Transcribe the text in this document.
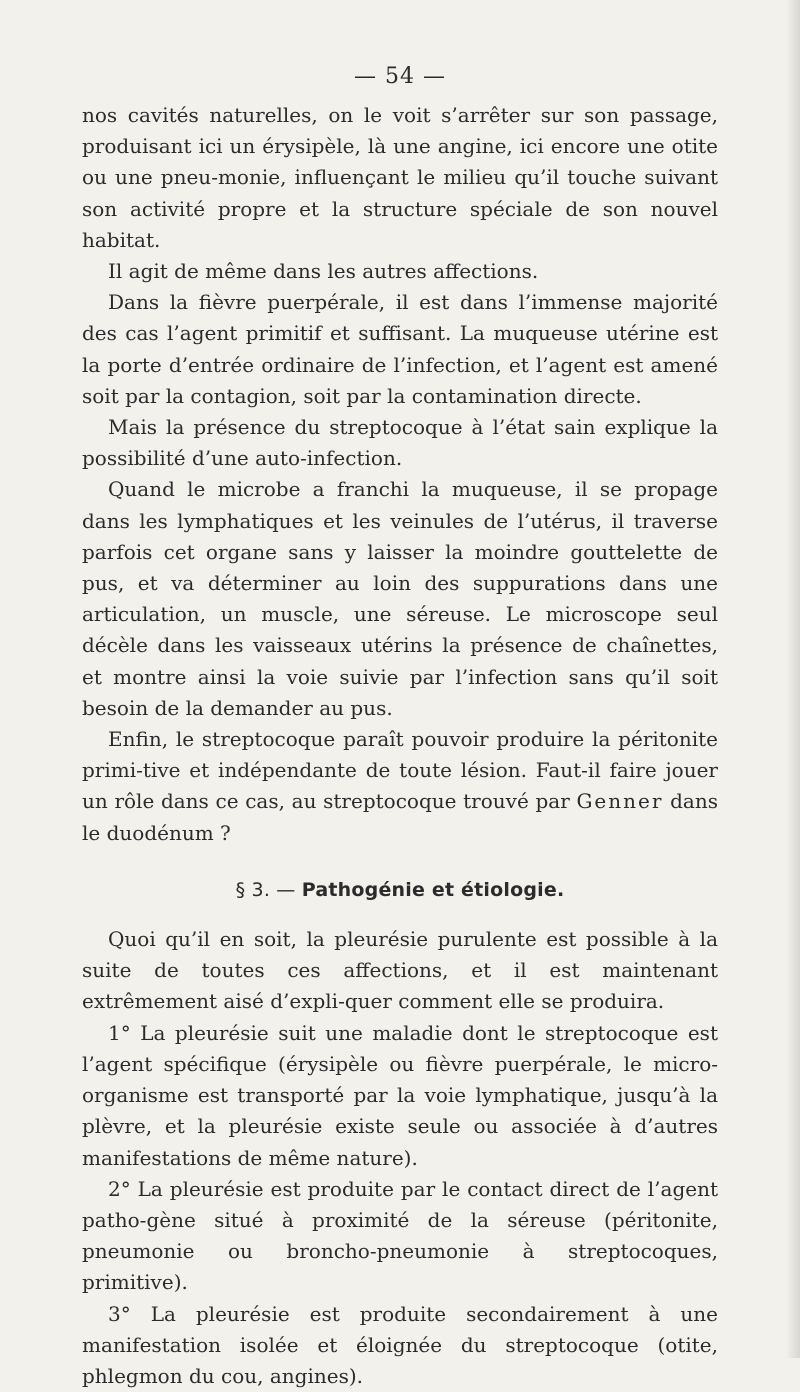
— 54 —

nos cavités naturelles, on le voit s’arrêter sur son passage, produisant ici un érysipèle, là une angine, ici encore une otite ou une pneu-monie, influençant le milieu qu’il touche suivant son activité propre et la structure spéciale de son nouvel habitat.

Il agit de même dans les autres affections.

Dans la fièvre puerpérale, il est dans l’immense majorité des cas l’agent primitif et suffisant. La muqueuse utérine est la porte d’entrée ordinaire de l’infection, et l’agent est amené soit par la contagion, soit par la contamination directe.

Mais la présence du streptocoque à l’état sain explique la possibilité d’une auto-infection.

Quand le microbe a franchi la muqueuse, il se propage dans les lymphatiques et les veinules de l’utérus, il traverse parfois cet organe sans y laisser la moindre gouttelette de pus, et va déterminer au loin des suppurations dans une articulation, un muscle, une séreuse. Le microscope seul décèle dans les vaisseaux utérins la présence de chaînettes, et montre ainsi la voie suivie par l’infection sans qu’il soit besoin de la demander au pus.

Enfin, le streptocoque paraît pouvoir produire la péritonite primi-tive et indépendante de toute lésion. Faut-il faire jouer un rôle dans ce cas, au streptocoque trouvé par Genner dans le duodénum ?

§ 3. — Pathogénie et étiologie.

Quoi qu’il en soit, la pleurésie purulente est possible à la suite de toutes ces affections, et il est maintenant extrêmement aisé d’expli-quer comment elle se produira.

1° La pleurésie suit une maladie dont le streptocoque est l’agent spécifique (érysipèle ou fièvre puerpérale, le micro-organisme est transporté par la voie lymphatique, jusqu’à la plèvre, et la pleurésie existe seule ou associée à d’autres manifestations de même nature).

2° La pleurésie est produite par le contact direct de l’agent patho-gène situé à proximité de la séreuse (péritonite, pneumonie ou broncho-pneumonie à streptocoques, primitive).

3° La pleurésie est produite secondairement à une manifestation isolée et éloignée du streptocoque (otite, phlegmon du cou, angines).
